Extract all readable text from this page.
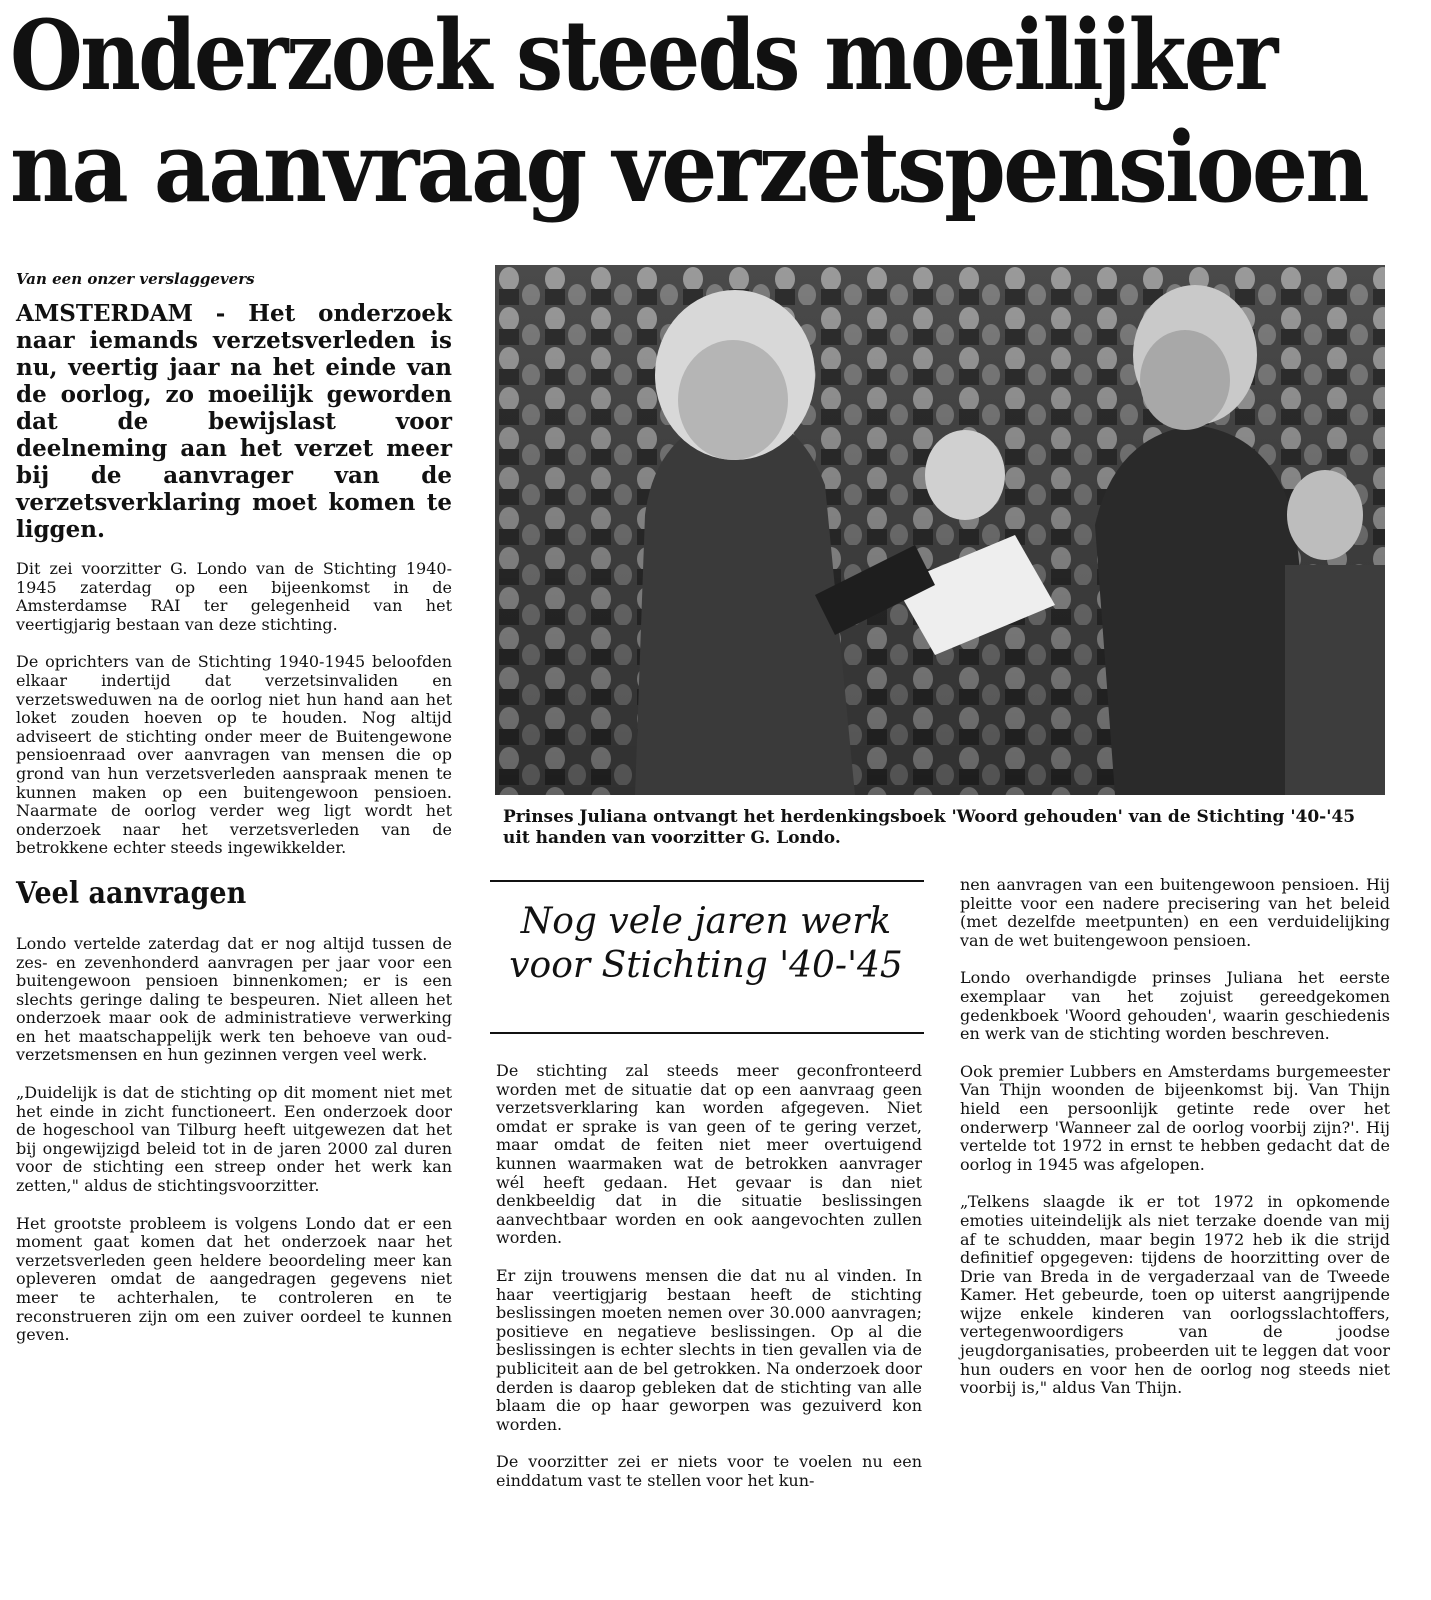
Onderzoek steeds moeilijker
na aanvraag verzetspensioen
Van een onzer verslaggevers
AMSTERDAM - Het onderzoek naar iemands verzetsverleden is nu, veertig jaar na het einde van de oorlog, zo moeilijk geworden dat de bewijslast voor deelneming aan het verzet meer bij de aanvrager van de verzetsverklaring moet komen te liggen.

Dit zei voorzitter G. Londo van de Stichting 1940-1945 zaterdag op een bijeenkomst in de Amsterdamse RAI ter gelegenheid van het veertigjarig bestaan van deze stichting.

De oprichters van de Stichting 1940-1945 beloofden elkaar indertijd dat verzetsinvaliden en verzetsweduwen na de oorlog niet hun hand aan het loket zouden hoeven op te houden. Nog altijd adviseert de stichting onder meer de Buitengewone pensioenraad over aanvragen van mensen die op grond van hun verzetsverleden aanspraak menen te kunnen maken op een buitengewoon pensioen. Naarmate de oorlog verder weg ligt wordt het onderzoek naar het verzetsverleden van de betrokkene echter steeds ingewikkelder.

Veel aanvragen

Londo vertelde zaterdag dat er nog altijd tussen de zes- en zevenhonderd aanvragen per jaar voor een buitengewoon pensioen binnenkomen; er is een slechts geringe daling te bespeuren. Niet alleen het onderzoek maar ook de administratieve verwerking en het maatschappelijk werk ten behoeve van oud-verzetsmensen en hun gezinnen vergen veel werk.

„Duidelijk is dat de stichting op dit moment niet met het einde in zicht functioneert. Een onderzoek door de hogeschool van Tilburg heeft uitgewezen dat het bij ongewijzigd beleid tot in de jaren 2000 zal duren voor de stichting een streep onder het werk kan zetten," aldus de stichtingsvoorzitter.

Het grootste probleem is volgens Londo dat er een moment gaat komen dat het onderzoek naar het verzetsverleden geen heldere beoordeling meer kan opleveren omdat de aangedragen gegevens niet meer te achterhalen, te controleren en te reconstrueren zijn om een zuiver oordeel te kunnen geven.

Prinses Juliana ontvangt het herdenkingsboek 'Woord gehouden' van de Stichting '40-'45 uit handen van voorzitter G. Londo.
Nog vele jaren werk voor Stichting '40-'45

De stichting zal steeds meer geconfronteerd worden met de situatie dat op een aanvraag geen verzetsverklaring kan worden afgegeven. Niet omdat er sprake is van geen of te gering verzet, maar omdat de feiten niet meer overtuigend kunnen waarmaken wat de betrokken aanvrager wél heeft gedaan. Het gevaar is dan niet denkbeeldig dat in die situatie beslissingen aanvechtbaar worden en ook aangevochten zullen worden.

Er zijn trouwens mensen die dat nu al vinden. In haar veertigjarig bestaan heeft de stichting beslissingen moeten nemen over 30.000 aanvragen; positieve en negatieve beslissingen. Op al die beslissingen is echter slechts in tien gevallen via de publiciteit aan de bel getrokken. Na onderzoek door derden is daarop gebleken dat de stichting van alle blaam die op haar geworpen was gezuiverd kon worden.

De voorzitter zei er niets voor te voelen nu een einddatum vast te stellen voor het kun-

nen aanvragen van een buitengewoon pensioen. Hij pleitte voor een nadere precisering van het beleid (met dezelfde meetpunten) en een verduidelijking van de wet buitengewoon pensioen.

Londo overhandigde prinses Juliana het eerste exemplaar van het zojuist gereedgekomen gedenkboek 'Woord gehouden', waarin geschiedenis en werk van de stichting worden beschreven.

Ook premier Lubbers en Amsterdams burgemeester Van Thijn woonden de bijeenkomst bij. Van Thijn hield een persoonlijk getinte rede over het onderwerp 'Wanneer zal de oorlog voorbij zijn?'. Hij vertelde tot 1972 in ernst te hebben gedacht dat de oorlog in 1945 was afgelopen.

„Telkens slaagde ik er tot 1972 in opkomende emoties uiteindelijk als niet terzake doende van mij af te schudden, maar begin 1972 heb ik die strijd definitief opgegeven: tijdens de hoorzitting over de Drie van Breda in de vergaderzaal van de Tweede Kamer. Het gebeurde, toen op uiterst aangrijpende wijze enkele kinderen van oorlogsslachtoffers, vertegenwoordigers van de joodse jeugdorganisaties, probeerden uit te leggen dat voor hun ouders en voor hen de oorlog nog steeds niet voorbij is," aldus Van Thijn.
